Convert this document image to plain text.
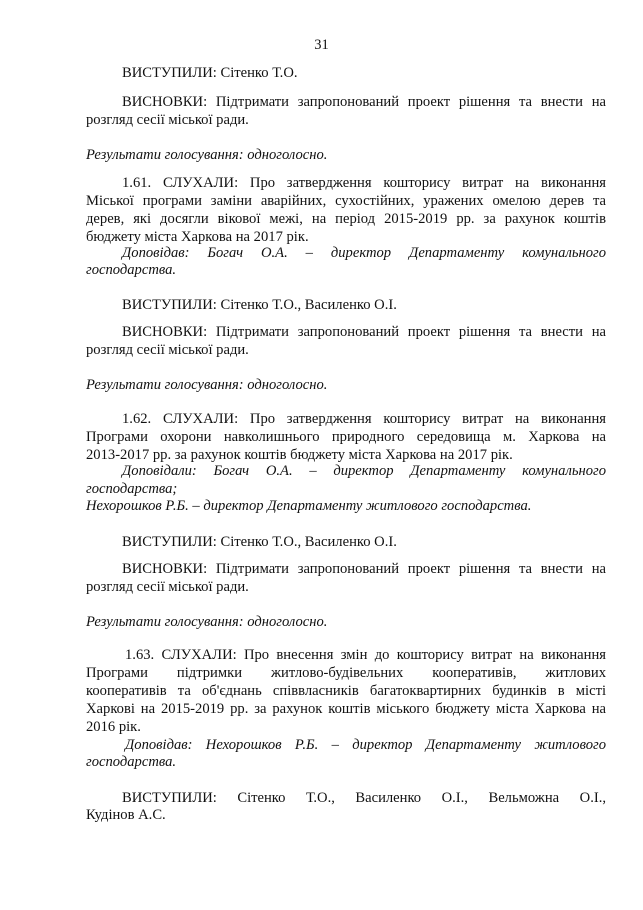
31
ВИСТУПИЛИ: Сітенко Т.О.
ВИСНОВКИ: Підтримати запропонований проект рішення та внести на
розгляд сесії міської ради.
Результати голосування: одноголосно.
1.61. СЛУХАЛИ: Про затвердження кошторису витрат на виконання
Міської програми заміни аварійних, сухостійних, уражених омелою дерев та
дерев, які досягли вікової межі, на період 2015-2019 рр. за рахунок коштів
бюджету міста Харкова на 2017 рік.
Доповідав: Богач О.А. – директор Департаменту комунального
господарства.
ВИСТУПИЛИ: Сітенко Т.О., Василенко О.І.
ВИСНОВКИ: Підтримати запропонований проект рішення та внести на
розгляд сесії міської ради.
Результати голосування: одноголосно.
1.62. СЛУХАЛИ: Про затвердження кошторису витрат на виконання
Програми охорони навколишнього природного середовища м. Харкова на
2013-2017 рр. за рахунок коштів бюджету міста Харкова на 2017 рік.
Доповідали: Богач О.А. – директор Департаменту комунального
господарства;
Нехорошков Р.Б. – директор Департаменту житлового господарства.
ВИСТУПИЛИ: Сітенко Т.О., Василенко О.І.
ВИСНОВКИ: Підтримати запропонований проект рішення та внести на
розгляд сесії міської ради.
Результати голосування: одноголосно.
1.63. СЛУХАЛИ: Про внесення змін до кошторису витрат на виконання
Програми підтримки житлово-будівельних кооперативів, житлових
кооперативів та об'єднань співвласників багатоквартирних будинків в місті
Харкові на 2015-2019 рр. за рахунок коштів міського бюджету міста Харкова на
2016 рік.
Доповідав: Нехорошков Р.Б. – директор Департаменту житлового
господарства.
ВИСТУПИЛИ: Сітенко Т.О., Василенко О.І., Вельможна О.І.,
Кудінов А.С.
